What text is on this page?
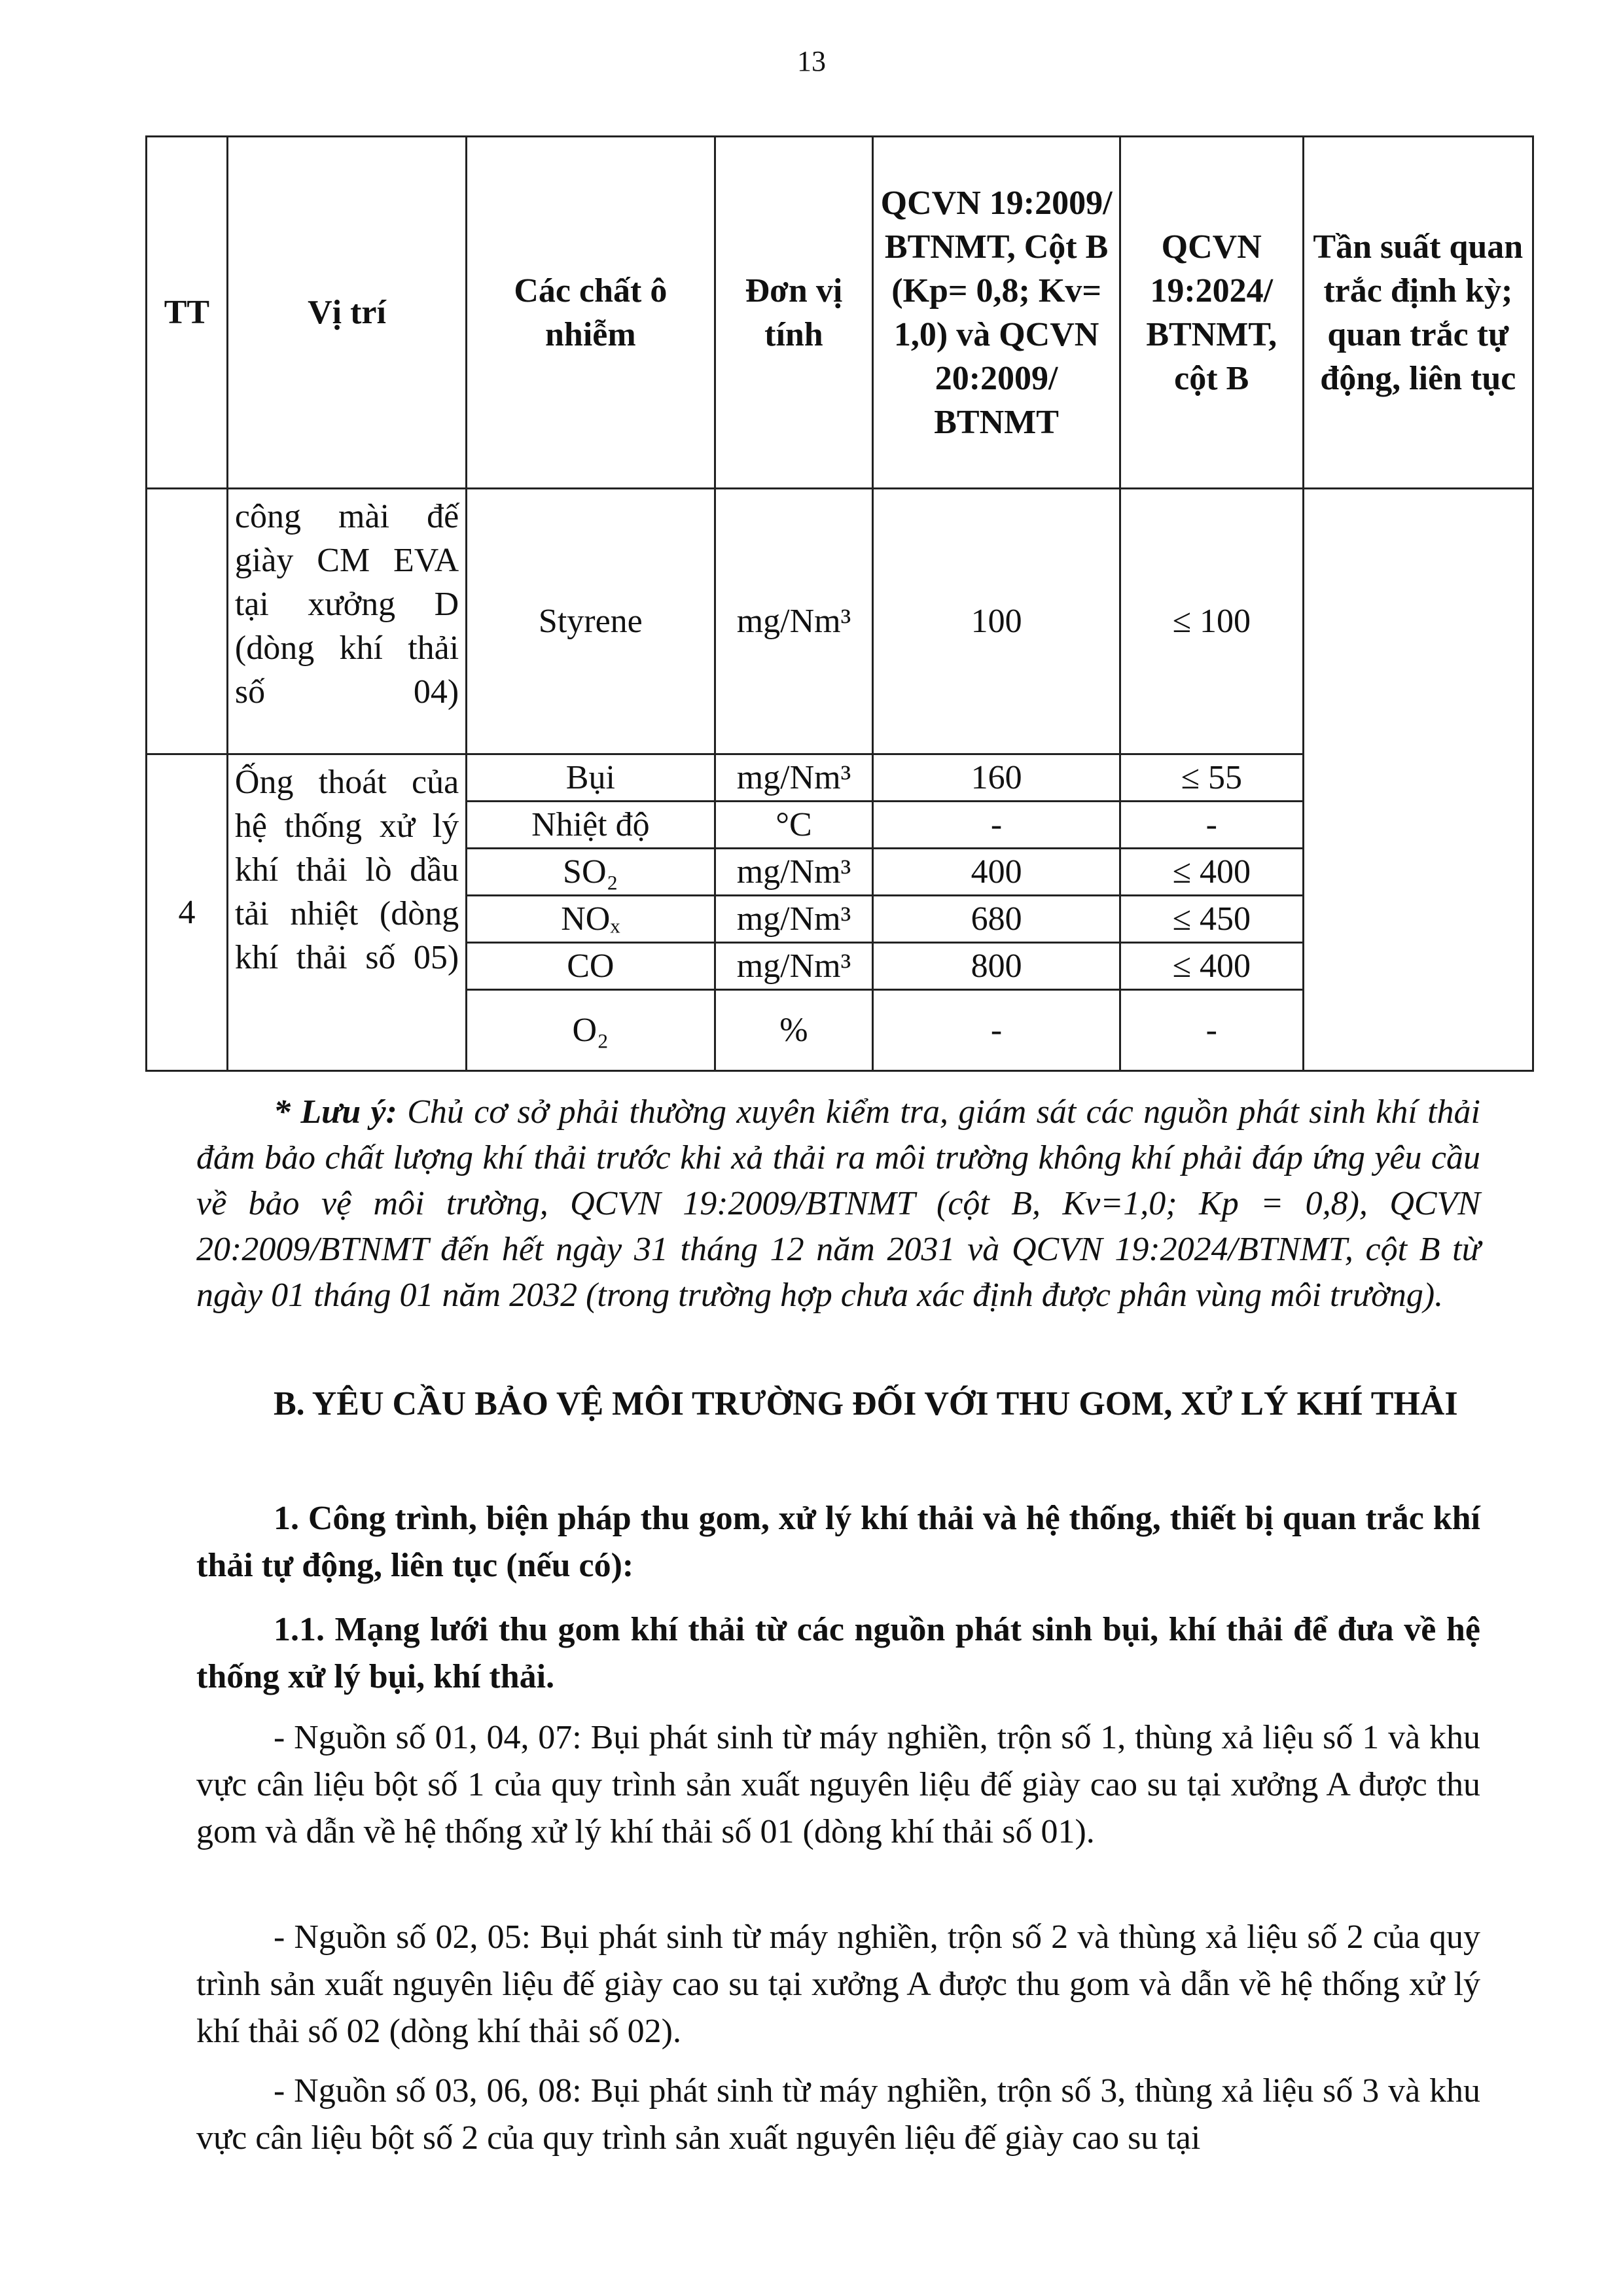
13
TT	Vị trí	Các chất ô nhiễm	Đơn vị tính	QCVN 19:2009/ BTNMT, Cột B (Kp= 0,8; Kv= 1,0) và QCVN 20:2009/ BTNMT	QCVN 19:2024/ BTNMT, cột B	Tần suất quan trắc định kỳ; quan trắc tự động, liên tục
	công mài đế giày CM EVA tại xưởng D (dòng khí thải số 04)	Styrene	mg/Nm³	100	≤ 100	
4	Ống thoát của hệ thống xử lý khí thải lò dầu tải nhiệt (dòng khí thải số 05)	Bụi	mg/Nm³	160	≤ 55	
		Nhiệt độ	°C	-	-	
		SO₂	mg/Nm³	400	≤ 400	
		NOₓ	mg/Nm³	680	≤ 450	
		CO	mg/Nm³	800	≤ 400	
		O₂	%	-	-	
* Lưu ý: Chủ cơ sở phải thường xuyên kiểm tra, giám sát các nguồn phát sinh khí thải đảm bảo chất lượng khí thải trước khi xả thải ra môi trường không khí phải đáp ứng yêu cầu về bảo vệ môi trường, QCVN 19:2009/BTNMT (cột B, Kv=1,0; Kp = 0,8), QCVN 20:2009/BTNMT đến hết ngày 31 tháng 12 năm 2031 và QCVN 19:2024/BTNMT, cột B từ ngày 01 tháng 01 năm 2032 (trong trường hợp chưa xác định được phân vùng môi trường).
B. YÊU CẦU BẢO VỆ MÔI TRƯỜNG ĐỐI VỚI THU GOM, XỬ LÝ KHÍ THẢI
1. Công trình, biện pháp thu gom, xử lý khí thải và hệ thống, thiết bị quan trắc khí thải tự động, liên tục (nếu có):
1.1. Mạng lưới thu gom khí thải từ các nguồn phát sinh bụi, khí thải để đưa về hệ thống xử lý bụi, khí thải.
- Nguồn số 01, 04, 07: Bụi phát sinh từ máy nghiền, trộn số 1, thùng xả liệu số 1 và khu vực cân liệu bột số 1 của quy trình sản xuất nguyên liệu đế giày cao su tại xưởng A được thu gom và dẫn về hệ thống xử lý khí thải số 01 (dòng khí thải số 01).
- Nguồn số 02, 05: Bụi phát sinh từ máy nghiền, trộn số 2 và thùng xả liệu số 2 của quy trình sản xuất nguyên liệu đế giày cao su tại xưởng A được thu gom và dẫn về hệ thống xử lý khí thải số 02 (dòng khí thải số 02).
- Nguồn số 03, 06, 08: Bụi phát sinh từ máy nghiền, trộn số 3, thùng xả liệu số 3 và khu vực cân liệu bột số 2 của quy trình sản xuất nguyên liệu đế giày cao su tại
